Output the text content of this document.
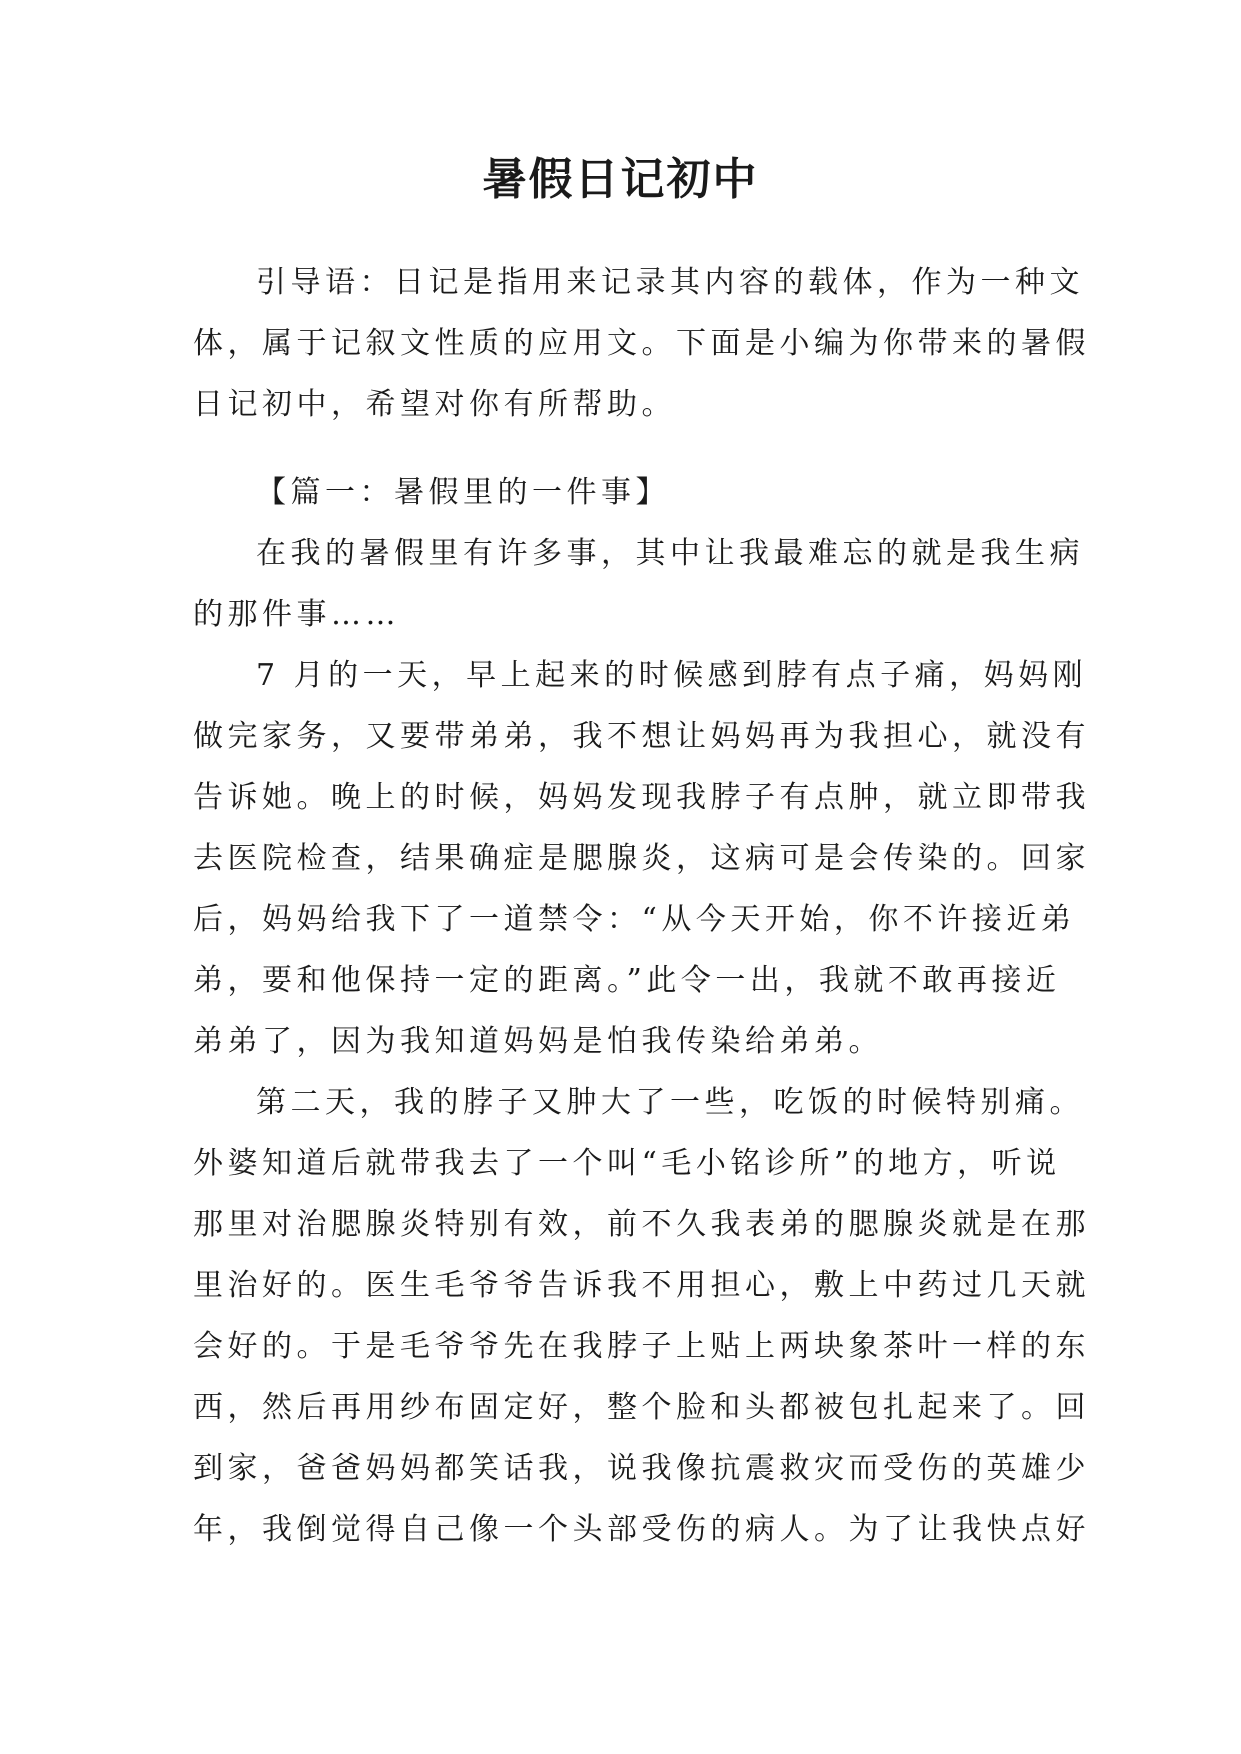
暑假日记初中
引导语：日记是指用来记录其内容的载体，作为一种文
体，属于记叙文性质的应用文。下面是小编为你带来的暑假
日记初中，希望对你有所帮助。
【篇一：暑假里的一件事】
在我的暑假里有许多事，其中让我最难忘的就是我生病
的那件事……
7 月的一天，早上起来的时候感到脖有点子痛，妈妈刚
做完家务，又要带弟弟，我不想让妈妈再为我担心，就没有
告诉她。晚上的时候，妈妈发现我脖子有点肿，就立即带我
去医院检查，结果确症是腮腺炎，这病可是会传染的。回家
后，妈妈给我下了一道禁令：“从今天开始，你不许接近弟
弟，要和他保持一定的距离。”此令一出，我就不敢再接近
弟弟了，因为我知道妈妈是怕我传染给弟弟。
第二天，我的脖子又肿大了一些，吃饭的时候特别痛。
外婆知道后就带我去了一个叫“毛小铭诊所”的地方，听说
那里对治腮腺炎特别有效，前不久我表弟的腮腺炎就是在那
里治好的。医生毛爷爷告诉我不用担心，敷上中药过几天就
会好的。于是毛爷爷先在我脖子上贴上两块象茶叶一样的东
西，然后再用纱布固定好，整个脸和头都被包扎起来了。回
到家，爸爸妈妈都笑话我，说我像抗震救灾而受伤的英雄少
年，我倒觉得自己像一个头部受伤的病人。为了让我快点好
